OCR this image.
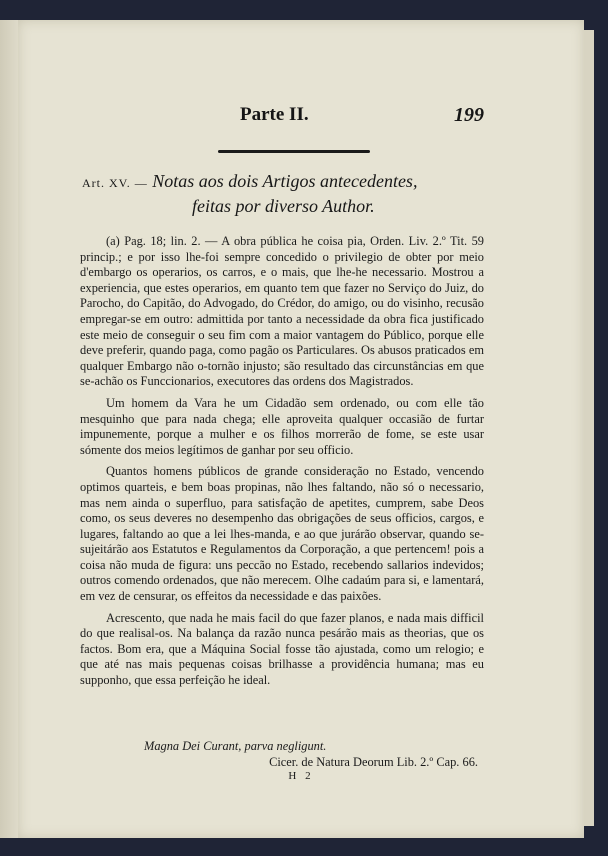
Parte II.	199
Art. XV. — Notas aos dois Artigos antecedentes,
feitas por diverso Author.

(a) Pag. 18; lin. 2. — A obra pública he coisa pia, Orden. Liv. 2.º Tit. 59 princip.; e por isso lhe-foi sempre concedido o privilegio de obter por meio d'embargo os operarios, os carros, e o mais, que lhe-he necessario. Mostrou a experiencia, que estes operarios, em quanto tem que fazer no Serviço do Juiz, do Parocho, do Capitão, do Advogado, do Crédor, do amigo, ou do visinho, recusão empregar-se em outro: admittida por tanto a necessidade da obra fica justificado este meio de conseguir o seu fim com a maior vantagem do Público, porque elle deve preferir, quando paga, como pagão os Particulares. Os abusos praticados em qualquer Embargo não o-tornão injusto; são resultado das circunstâncias em que se-achão os Funccionarios, executores das ordens dos Magistrados.

Um homem da Vara he um Cidadão sem ordenado, ou com elle tão mesquinho que para nada chega; elle aproveita qualquer occasião de furtar impunemente, porque a mulher e os filhos morrerão de fome, se este usar sómente dos meios legítimos de ganhar por seu officio.

Quantos homens públicos de grande consideração no Estado, vencendo optimos quarteis, e bem boas propinas, não lhes faltando, não só o necessario, mas nem ainda o superfluo, para satisfação de apetites, cumprem, sabe Deos como, os seus deveres no desempenho das obrigações de seus officios, cargos, e lugares, faltando ao que a lei lhes-manda, e ao que jurárão observar, quando se-sujeitárão aos Estatutos e Regulamentos da Corporação, a que pertencem! pois a coisa não muda de figura: uns peccão no Estado, recebendo sallarios indevidos; outros comendo ordenados, que não merecem. Olhe cadaúm para si, e lamentará, em vez de censurar, os effeitos da necessidade e das paixões.

Acrescento, que nada he mais facil do que fazer planos, e nada mais difficil do que realisal-os. Na balança da razão nunca pesárão mais as theorias, que os factos. Bom era, que a Máquina Social fosse tão ajustada, como um relogio; e que até nas mais pequenas coisas brilhasse a providência humana; mas eu supponho, que essa perfeição he ideal.

Magna Dei Curant, parva negligunt.
Cicer. de Natura Deorum Lib. 2.º Cap. 66.
H 2
